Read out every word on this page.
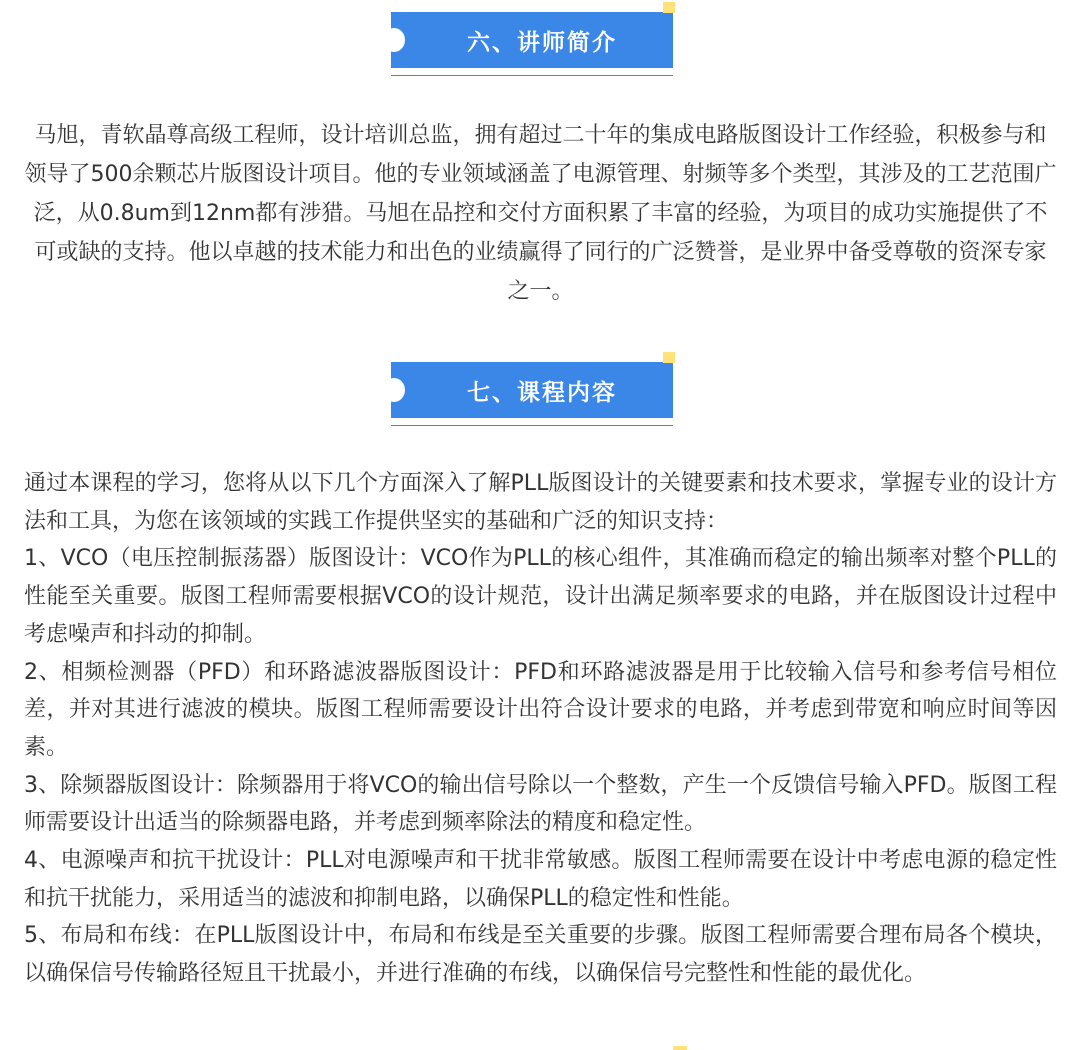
六、讲师简介

马旭，青软晶尊高级工程师，设计培训总监，拥有超过二十年的集成电路版图设计工作经验，积极参与和领导了500余颗芯片版图设计项目。他的专业领域涵盖了电源管理、射频等多个类型，其涉及的工艺范围广泛，从0.8um到12nm都有涉猎。马旭在品控和交付方面积累了丰富的经验，为项目的成功实施提供了不可或缺的支持。他以卓越的技术能力和出色的业绩赢得了同行的广泛赞誉，是业界中备受尊敬的资深专家之一。

七、课程内容

通过本课程的学习，您将从以下几个方面深入了解PLL版图设计的关键要素和技术要求，掌握专业的设计方法和工具，为您在该领域的实践工作提供坚实的基础和广泛的知识支持：

1、VCO（电压控制振荡器）版图设计：VCO作为PLL的核心组件，其准确而稳定的输出频率对整个PLL的性能至关重要。版图工程师需要根据VCO的设计规范，设计出满足频率要求的电路，并在版图设计过程中考虑噪声和抖动的抑制。

2、相频检测器（PFD）和环路滤波器版图设计：PFD和环路滤波器是用于比较输入信号和参考信号相位差，并对其进行滤波的模块。版图工程师需要设计出符合设计要求的电路，并考虑到带宽和响应时间等因素。

3、除频器版图设计：除频器用于将VCO的输出信号除以一个整数，产生一个反馈信号输入PFD。版图工程师需要设计出适当的除频器电路，并考虑到频率除法的精度和稳定性。

4、电源噪声和抗干扰设计：PLL对电源噪声和干扰非常敏感。版图工程师需要在设计中考虑电源的稳定性和抗干扰能力，采用适当的滤波和抑制电路，以确保PLL的稳定性和性能。

5、布局和布线：在PLL版图设计中，布局和布线是至关重要的步骤。版图工程师需要合理布局各个模块，以确保信号传输路径短且干扰最小，并进行准确的布线，以确保信号完整性和性能的最优化。
